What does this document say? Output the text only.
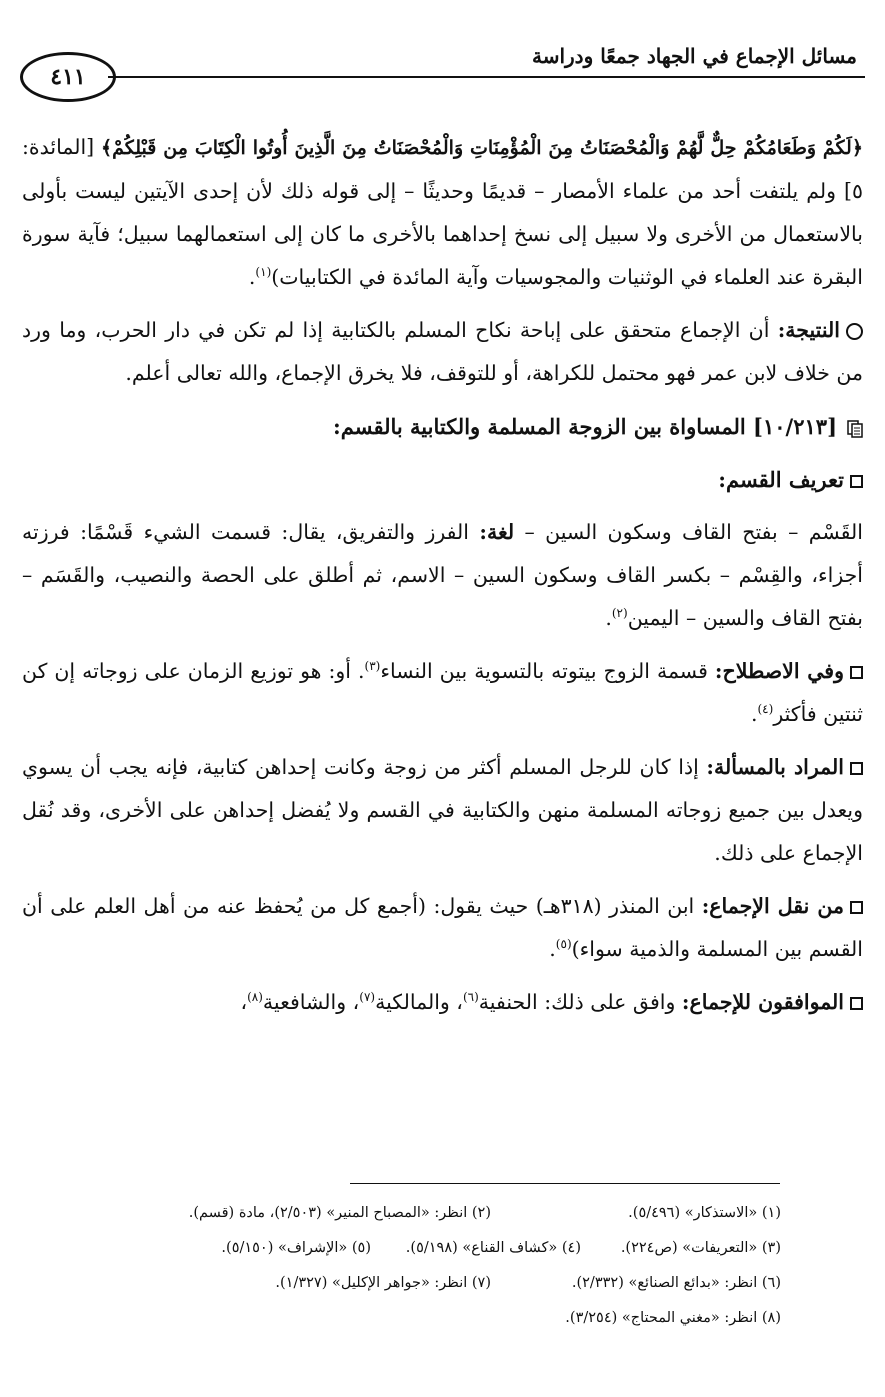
مسائل الإجماع في الجهاد جمعًا ودراسة
٤١١

﴿لَكُمْ وَطَعَامُكُمْ حِلٌّ لَّهُمْ وَالْمُحْصَنَاتُ مِنَ الْمُؤْمِنَاتِ وَالْمُحْصَنَاتُ مِنَ الَّذِينَ أُوتُوا الْكِتَابَ مِن قَبْلِكُمْ﴾ [المائدة: ٥] ولم يلتفت أحد من علماء الأمصار – قديمًا وحديثًا – إلى قوله ذلك لأن إحدى الآيتين ليست بأولى بالاستعمال من الأخرى ولا سبيل إلى نسخ إحداهما بالأخرى ما كان إلى استعمالهما سبيل؛ فآية سورة البقرة عند العلماء في الوثنيات والمجوسيات وآية المائدة في الكتابيات)$^{(١)}$.

النتيجة: أن الإجماع متحقق على إباحة نكاح المسلم بالكتابية إذا لم تكن في دار الحرب، وما ورد من خلاف لابن عمر فهو محتمل للكراهة، أو للتوقف، فلا يخرق الإجماع، والله تعالى أعلم.

[١٠/٢١٣] المساواة بين الزوجة المسلمة والكتابية بالقسم:

تعريف القسم:

القَسْم – بفتح القاف وسكون السين – لغة: الفرز والتفريق، يقال: قسمت الشيء قَسْمًا: فرزته أجزاء، والقِسْم – بكسر القاف وسكون السين – الاسم، ثم أطلق على الحصة والنصيب، والقَسَم – بفتح القاف والسين – اليمين$^{(٢)}$.

وفي الاصطلاح: قسمة الزوج بيتوته بالتسوية بين النساء$^{(٣)}$. أو: هو توزيع الزمان على زوجاته إن كن ثنتين فأكثر$^{(٤)}$.

المراد بالمسألة: إذا كان للرجل المسلم أكثر من زوجة وكانت إحداهن كتابية، فإنه يجب أن يسوي ويعدل بين جميع زوجاته المسلمة منهن والكتابية في القسم ولا يُفضل إحداهن على الأخرى، وقد نُقل الإجماع على ذلك.

من نقل الإجماع: ابن المنذر (٣١٨هـ) حيث يقول: (أجمع كل من يُحفظ عنه من أهل العلم على أن القسم بين المسلمة والذمية سواء)$^{(٥)}$.

الموافقون للإجماع: وافق على ذلك: الحنفية$^{(٦)}$، والمالكية$^{(٧)}$، والشافعية$^{(٨)}$،

(١) «الاستذكار» (٥/٤٩٦).
(٢) انظر: «المصباح المنير» (٢/٥٠٣)، مادة (قسم).
(٣) «التعريفات» (ص٢٢٤).
(٤) «كشاف القناع» (٥/١٩٨).
(٥) «الإشراف» (٥/١٥٠).
(٦) انظر: «بدائع الصنائع» (٢/٣٣٢).
(٧) انظر: «جواهر الإكليل» (١/٣٢٧).
(٨) انظر: «مغني المحتاج» (٣/٢٥٤).
